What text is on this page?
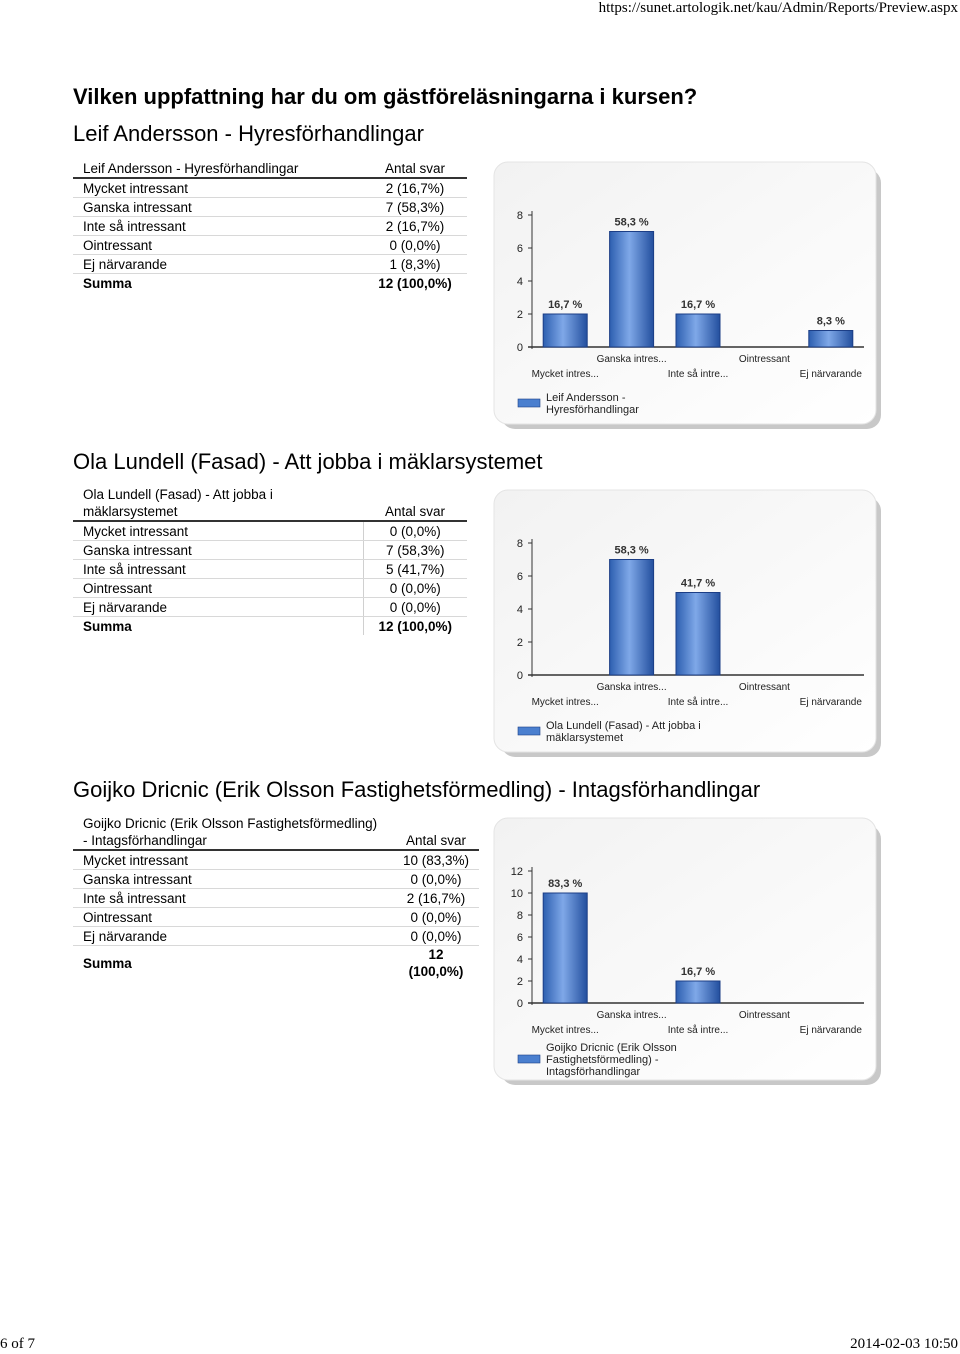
https://sunet.artologik.net/kau/Admin/Reports/Preview.aspx
Vilken uppfattning har du om gästföreläsningarna i kursen?
Leif Andersson - Hyresförhandlingar
Leif Andersson - Hyresförhandlingar	Antal svar
Mycket intressant	2 (16,7%)
Ganska intressant	7 (58,3%)
Inte så intressant	2 (16,7%)
Ointressant	0 (0,0%)
Ej närvarande	1 (8,3%)
Summa	12 (100,0%)
0
2
4
6
8
16,7 %
Mycket intres...
58,3 %
Ganska intres...
16,7 %
Inte så intre...
Ointressant
8,3 %
Ej närvarande
Leif Andersson -Hyresförhandlingar
Ola Lundell (Fasad) - Att jobba i mäklarsystemet
Ola Lundell (Fasad) - Att jobba i mäklarsystemet	Antal svar
Mycket intressant	0 (0,0%)
Ganska intressant	7 (58,3%)
Inte så intressant	5 (41,7%)
Ointressant	0 (0,0%)
Ej närvarande	0 (0,0%)
Summa	12 (100,0%)
0
2
4
6
8
Mycket intres...
58,3 %
Ganska intres...
41,7 %
Inte så intre...
Ointressant
Ej närvarande
Ola Lundell (Fasad) - Att jobba i mäklarsystemet
Goijko Dricnic (Erik Olsson Fastighetsförmedling) - Intagsförhandlingar
Goijko Dricnic (Erik Olsson Fastighetsförmedling) - Intagsförhandlingar	Antal svar
Mycket intressant	10 (83,3%)
Ganska intressant	0 (0,0%)
Inte så intressant	2 (16,7%)
Ointressant	0 (0,0%)
Ej närvarande	0 (0,0%)
Summa	12 (100,0%)
0
2
4
6
8
10
12
83,3 %
Mycket intres...
Ganska intres...
16,7 %
Inte så intre...
Ointressant
Ej närvarande
Goijko Dricnic (Erik Olsson Fastighetsförmedling) -Intagsförhandlingar
6 of 7	2014-02-03 10:50
